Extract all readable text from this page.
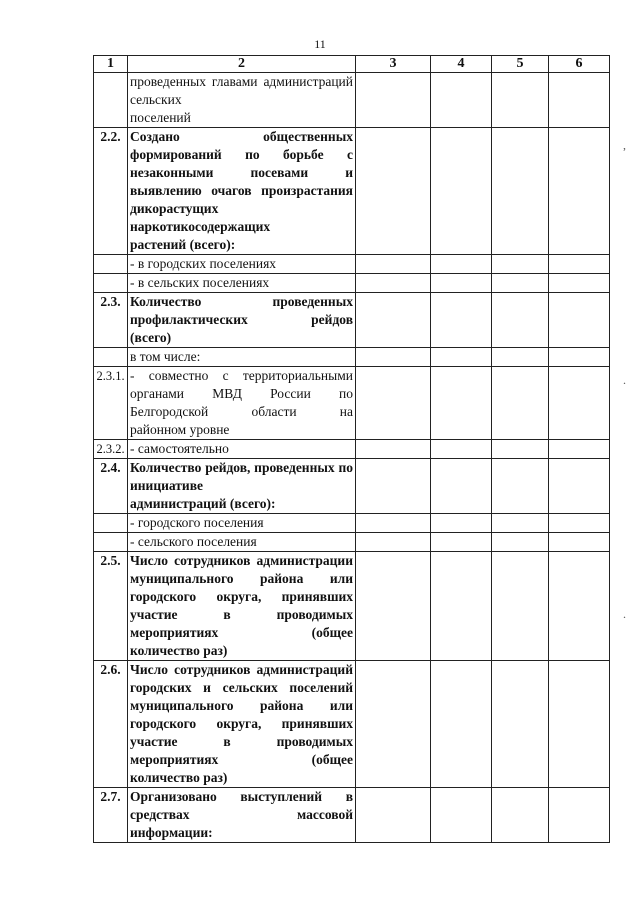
11
1	2	3	4	5	6
	проведенных главами администраций сельских
поселений				

2.2.	Создано общественных формирований по борьбе с незаконными посевами и выявлению очагов произрастания дикорастущих наркотикосодержащих
растений (всего):				

	- в городских поселениях				

	- в сельских поселениях				

2.3.	Количество проведенных профилактических рейдов
(всего)				

	в том числе:				

2.3.1.	- совместно с территориальными органами МВД России по Белгородской области на
районном уровне				

2.3.2.	- самостоятельно				

2.4.	Количество рейдов, проведенных по инициативе
администраций (всего):				

	- городского поселения				

	- сельского поселения				

2.5.	Число сотрудников администрации муниципального района или городского округа, принявших участие в проводимых мероприятиях (общее
количество раз)				

2.6.	Число сотрудников администраций городских и сельских поселений муниципального района или городского округа, принявших участие в проводимых мероприятиях (общее
количество раз)				

2.7.	Организовано выступлений в средствах массовой
информации:				

,
.
.
